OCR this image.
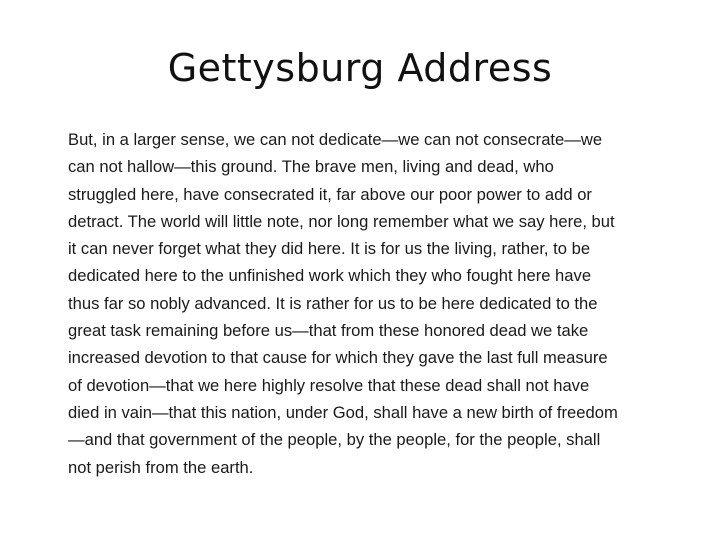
Gettysburg Address
But, in a larger sense, we can not dedicate—we can not consecrate—we
can not hallow—this ground. The brave men, living and dead, who
struggled here, have consecrated it, far above our poor power to add or
detract. The world will little note, nor long remember what we say here, but
it can never forget what they did here. It is for us the living, rather, to be
dedicated here to the unfinished work which they who fought here have
thus far so nobly advanced. It is rather for us to be here dedicated to the
great task remaining before us—that from these honored dead we take
increased devotion to that cause for which they gave the last full measure
of devotion—that we here highly resolve that these dead shall not have
died in vain—that this nation, under God, shall have a new birth of freedom
—and that government of the people, by the people, for the people, shall
not perish from the earth.
